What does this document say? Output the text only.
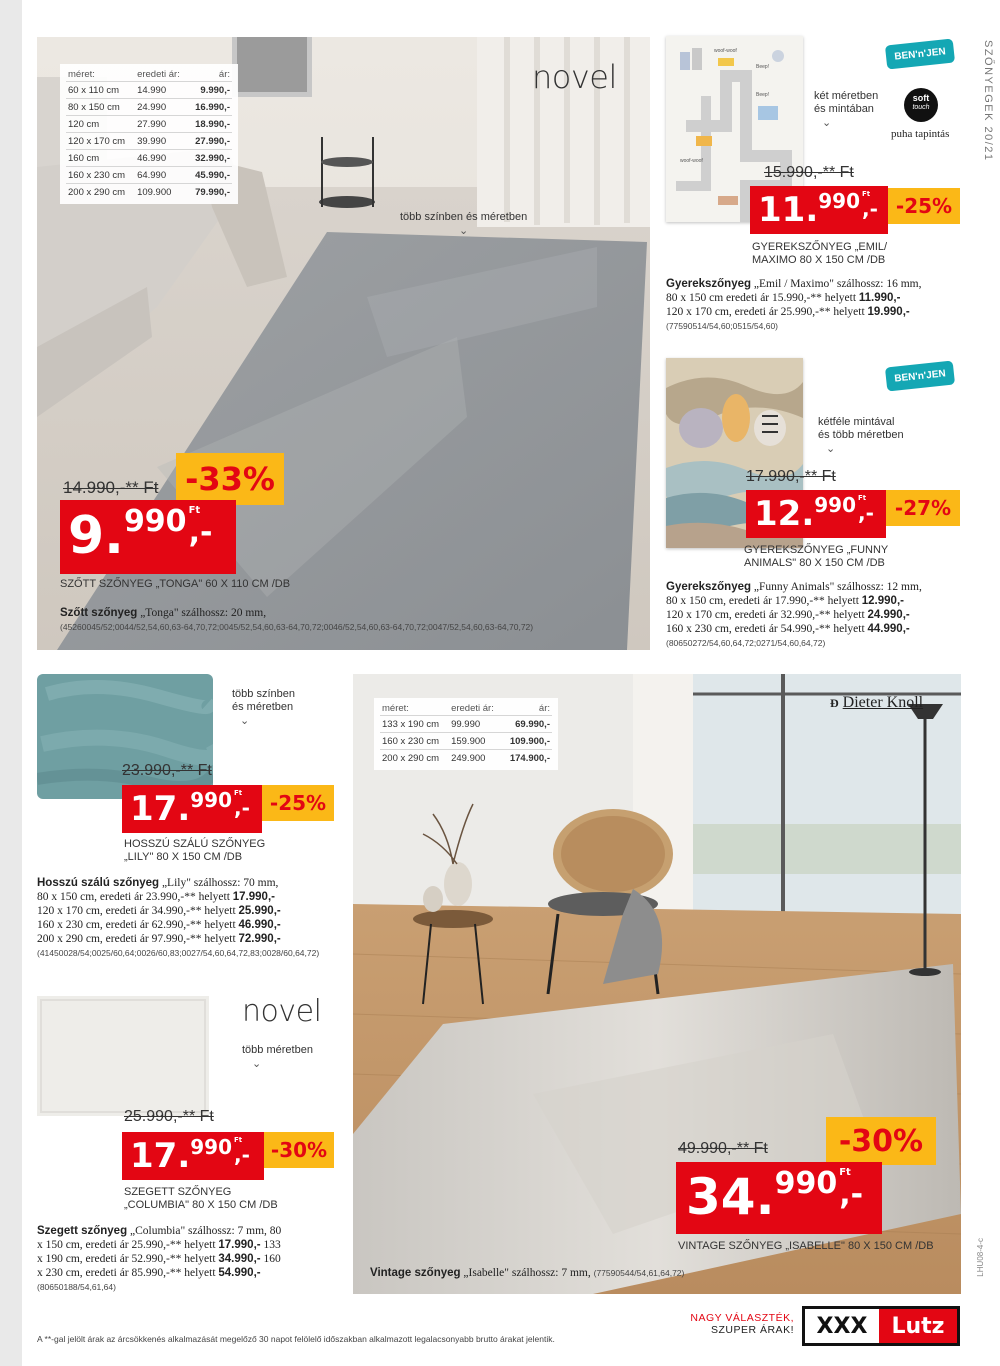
SZŐNYEGEK 20/21
LHU08-4-c
novel
méret:	eredeti ár:	ár:
60 x 110 cm	14.990	9.990,-
80 x 150 cm	24.990	16.990,-
120 cm	27.990	18.990,-
120 x 170 cm	39.990	27.990,-
160 cm	46.990	32.990,-
160 x 230 cm	64.990	45.990,-
200 x 290 cm	109.900	79.990,-
több színben és méretben
⌄
14.990,-** Ft -33%
9. 990 Ft
,-
SZŐTT SZŐNYEG „TONGA" 60 X 110 CM /DB
Szőtt szőnyeg „Tonga" szálhossz: 20 mm,
(45260045/52;0044/52,54,60,63-64,70,72;0045/52,54,60,63-64,70,72;0046/52,54,60,63-64,70,72;0047/52,54,60,63-64,70,72)
woof-woof
Beep!
Beep!
woof-woof
BEN'n'JEN
két méretben
és mintában
⌄
soft
touch
puha tapintás
15.990,-** Ft
11. 990 Ft
,- -25%
GYEREKSZŐNYEG „EMIL/
MAXIMO 80 X 150 CM /DB
Gyerekszőnyeg „Emil / Maximo" szálhossz: 16 mm,
80 x 150 cm eredeti ár 15.990,-** helyett 11.990,-
120 x 170 cm, eredeti ár 25.990,-** helyett 19.990,-
(77590514/54,60;0515/54,60)
BEN'n'JEN
kétféle mintával
és több méretben
⌄
17.990,-** Ft
12. 990 Ft
,-	-27%
GYEREKSZŐNYEG „FUNNY
ANIMALS" 80 X 150 CM /DB
Gyerekszőnyeg „Funny Animals" szálhossz: 12 mm,
80 x 150 cm, eredeti ár 17.990,-** helyett 12.990,-
120 x 170 cm, eredeti ár 32.990,-** helyett 24.990,-
160 x 230 cm, eredeti ár 54.990,-** helyett 44.990,-
(80650272/54,60,64,72;0271/54,60,64,72)
több színben
és méretben
⌄
23.990,-** Ft
17. 990 Ft
,-	-25%
HOSSZÚ SZÁLÚ SZŐNYEG
„LILY" 80 X 150 CM /DB
Hosszú szálú szőnyeg „Lily" szálhossz: 70 mm,
80 x 150 cm, eredeti ár 23.990,-** helyett 17.990,-
120 x 170 cm, eredeti ár 34.990,-** helyett 25.990,-
160 x 230 cm, eredeti ár 62.990,-** helyett 46.990,-
200 x 290 cm, eredeti ár 97.990,-** helyett 72.990,-
(41450028/54;0025/60,64;0026/60,83;0027/54,60,64,72,83;0028/60,64,72)
novel
több méretben
⌄
25.990,-** Ft
17. 990 Ft
,-	-30%
SZEGETT SZŐNYEG
„COLUMBIA" 80 X 150 CM /DB
Szegett szőnyeg „Columbia" szálhossz: 7 mm, 80
x 150 cm, eredeti ár 25.990,-** helyett 17.990,- 133
x 190 cm, eredeti ár 52.990,-** helyett 34.990,- 160
x 230 cm, eredeti ár 85.990,-** helyett 54.990,-
(80650188/54,61,64)
méret:	eredeti ár:	ár:
133 x 190 cm	99.990	69.990,-
160 x 230 cm	159.900	109.900,-
200 x 290 cm	249.900	174.900,-
Ɖ Dieter Knoll
49.990,-** Ft	-30%
34. 990 Ft
,-
VINTAGE SZŐNYEG „ISABELLE" 80 X 150 CM /DB
Vintage szőnyeg „Isabelle" szálhossz: 7 mm, (77590544/54,61,64,72)
NAGY VÁLASZTÉK,
SZUPER ÁRAK!	XXX	Lutz
A **-gal jelölt árak az árcsökkenés alkalmazását megelőző 30 napot felölelő időszakban alkalmazott legalacsonyabb brutto árakat jelentik.
